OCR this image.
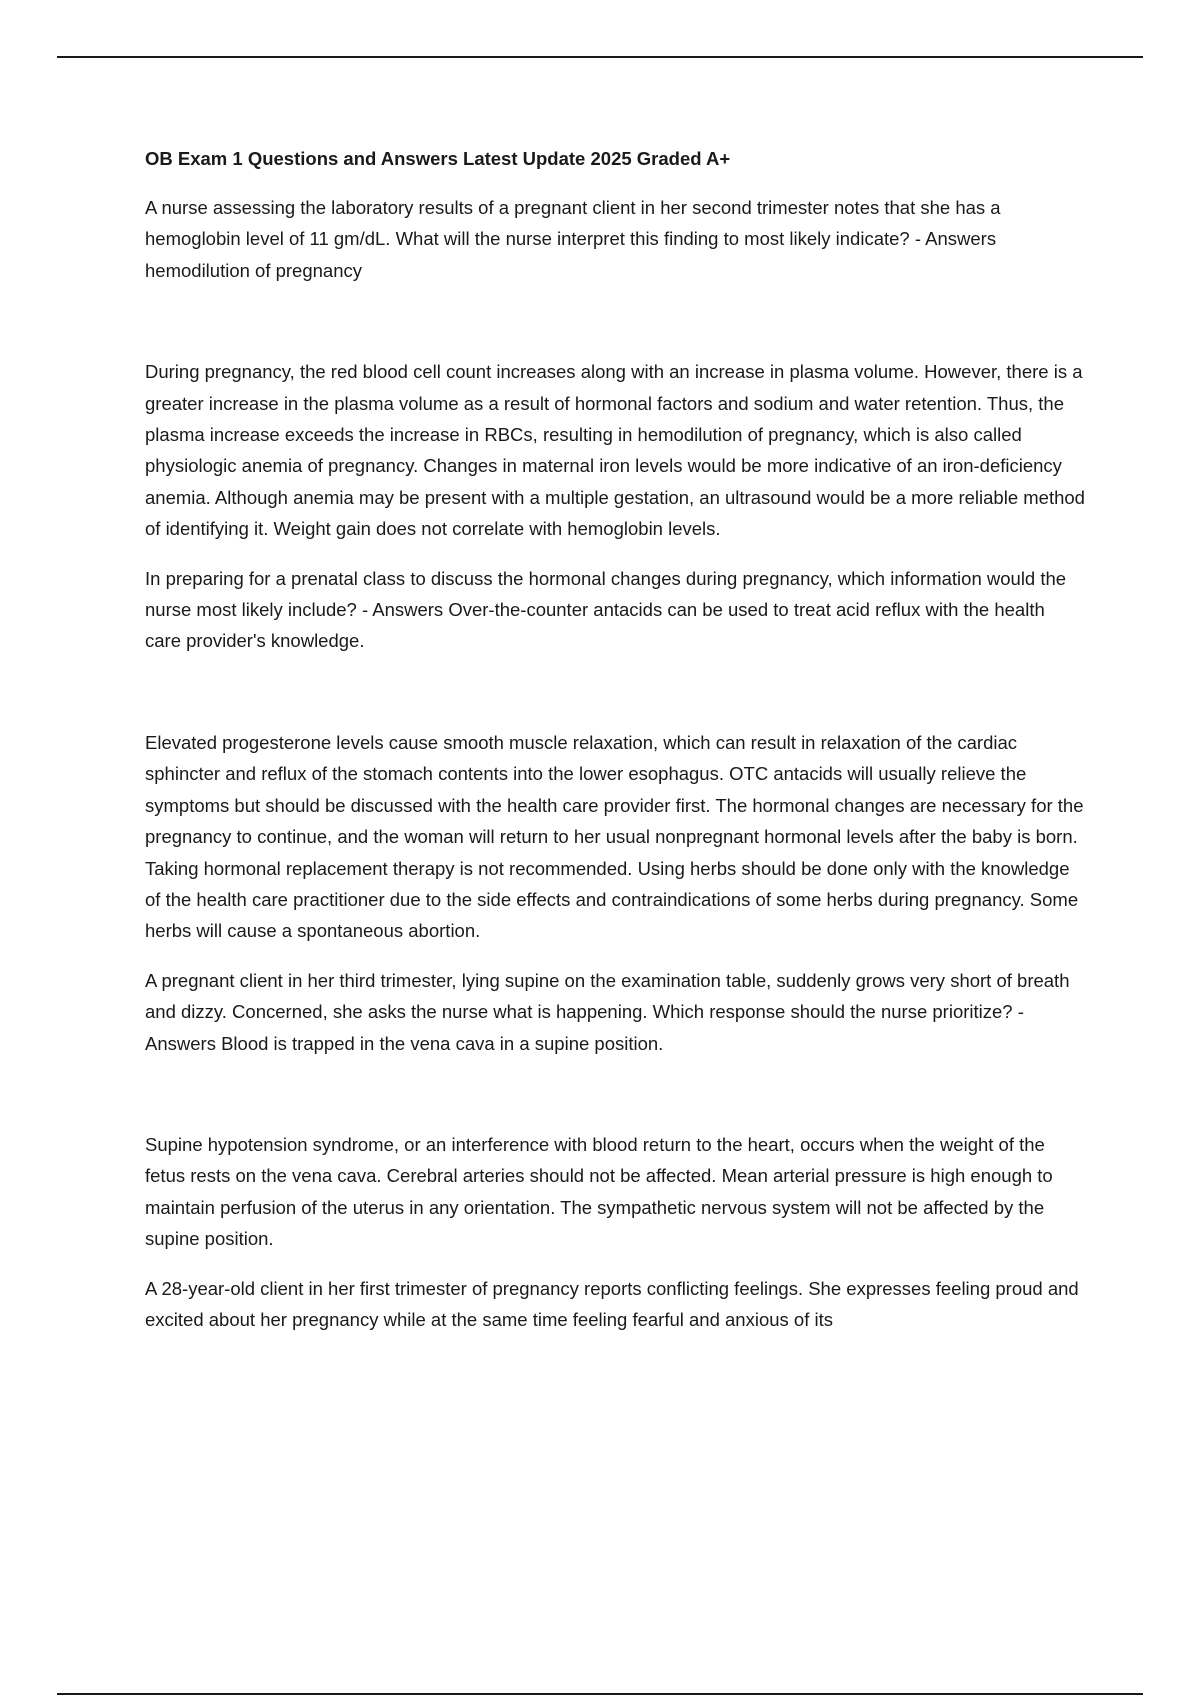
OB Exam 1 Questions and Answers Latest Update 2025 Graded A+

A nurse assessing the laboratory results of a pregnant client in her second trimester notes that she has a hemoglobin level of 11 gm/dL. What will the nurse interpret this finding to most likely indicate? - Answers hemodilution of pregnancy

During pregnancy, the red blood cell count increases along with an increase in plasma volume. However, there is a greater increase in the plasma volume as a result of hormonal factors and sodium and water retention. Thus, the plasma increase exceeds the increase in RBCs, resulting in hemodilution of pregnancy, which is also called physiologic anemia of pregnancy. Changes in maternal iron levels would be more indicative of an iron-deficiency anemia. Although anemia may be present with a multiple gestation, an ultrasound would be a more reliable method of identifying it. Weight gain does not correlate with hemoglobin levels.

In preparing for a prenatal class to discuss the hormonal changes during pregnancy, which information would the nurse most likely include? - Answers Over-the-counter antacids can be used to treat acid reflux with the health care provider's knowledge.

Elevated progesterone levels cause smooth muscle relaxation, which can result in relaxation of the cardiac sphincter and reflux of the stomach contents into the lower esophagus. OTC antacids will usually relieve the symptoms but should be discussed with the health care provider first. The hormonal changes are necessary for the pregnancy to continue, and the woman will return to her usual nonpregnant hormonal levels after the baby is born. Taking hormonal replacement therapy is not recommended. Using herbs should be done only with the knowledge of the health care practitioner due to the side effects and contraindications of some herbs during pregnancy. Some herbs will cause a spontaneous abortion.

A pregnant client in her third trimester, lying supine on the examination table, suddenly grows very short of breath and dizzy. Concerned, she asks the nurse what is happening. Which response should the nurse prioritize? - Answers Blood is trapped in the vena cava in a supine position.

Supine hypotension syndrome, or an interference with blood return to the heart, occurs when the weight of the fetus rests on the vena cava. Cerebral arteries should not be affected. Mean arterial pressure is high enough to maintain perfusion of the uterus in any orientation. The sympathetic nervous system will not be affected by the supine position.

A 28-year-old client in her first trimester of pregnancy reports conflicting feelings. She expresses feeling proud and excited about her pregnancy while at the same time feeling fearful and anxious of its
